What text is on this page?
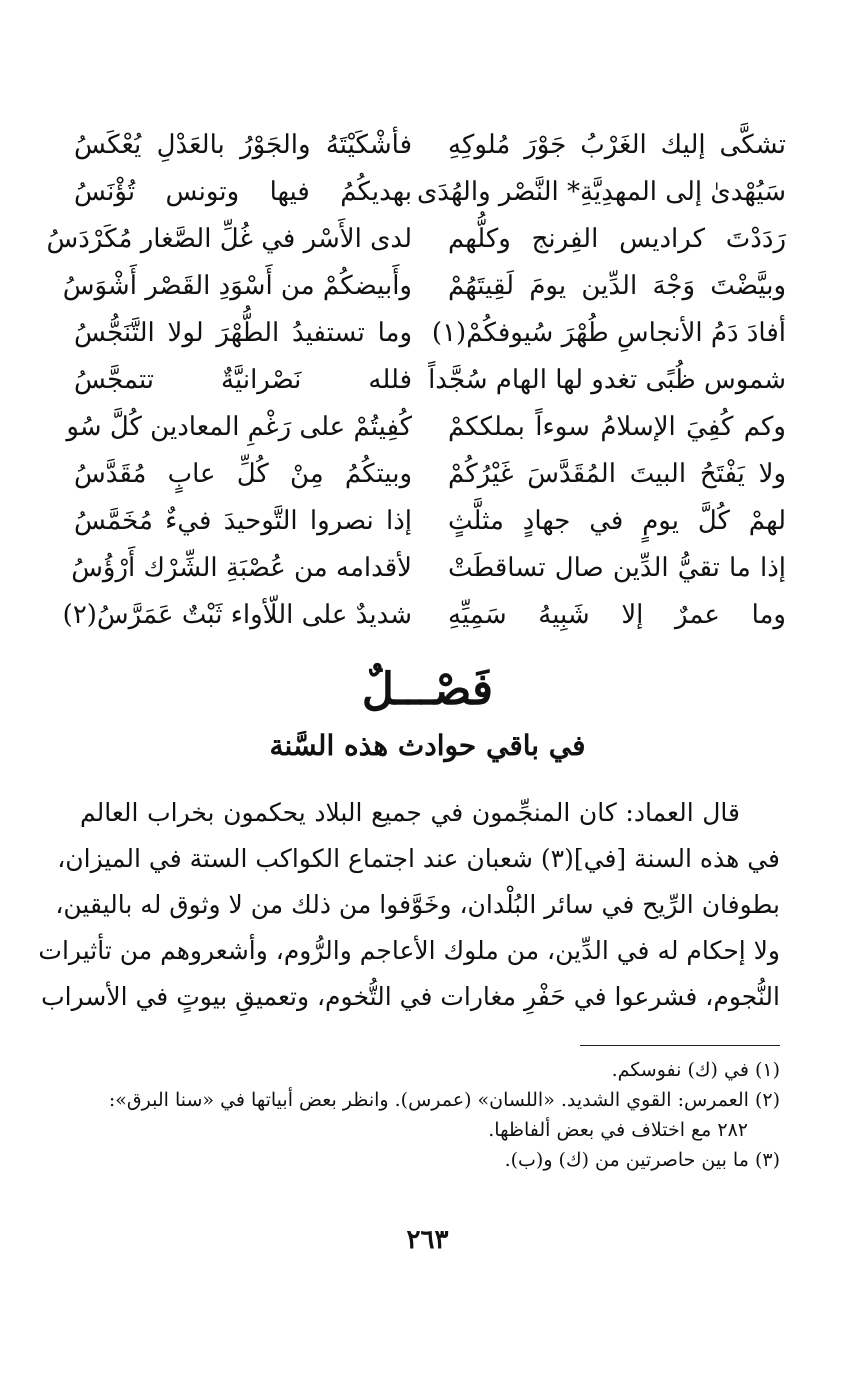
تشكَّى إليك الغَرْبُ جَوْرَ مُلوكِهِ
فأشْكَيْتَهُ والجَوْرُ بالعَدْلِ يُعْكَسُ
سَيُهْدىٰ إلى المهدِيَّةِ* النَّصْر والهُدَى
بهديكُمُ فيها وتونس تُؤْنَسُ
رَدَدْتَ كراديس الفِرنج وكلُّهم
لدى الأَسْر في غُلِّ الصَّغار مُكَرْدَسُ
وبيَّضْتَ وَجْهَ الدِّين يومَ لَقِيتَهُمْ
وأَبيضكُمْ من أَسْوَدِ القَصْر أَشْوَسُ
أفادَ دَمُ الأنجاسِ طُهْرَ سُيوفكُمْ(١)
وما تستفيدُ الطُّهْرَ لولا التَّنَجُّسُ
شموس ظُبًى تغدو لها الهام سُجَّداً
فلله نَصْرانيَّةٌ تتمجَّسُ
وكم كُفِيَ الإسلامُ سوءاً بملككمْ
كُفِيتُمْ على رَغْمِ المعادين كُلَّ سُو
ولا يَفْتَحُ البيتَ المُقَدَّسَ غَيْرُكُمْ
وبيتكُمُ مِنْ كُلِّ عابٍ مُقَدَّسُ
لهمْ كُلَّ يومٍ في جهادٍ مثلَّثٍ
إذا نصروا التَّوحيدَ فيءٌ مُخَمَّسُ
إذا ما تقيُّ الدِّين صال تساقطَتْ
لأقدامه من عُصْبَةِ الشِّرْك أَرْؤُسُ
وما عمرٌ إلا شَبِيهُ سَمِيِّهِ
شديدٌ على اللّأواء ثَبْتٌ عَمَرَّسُ(٢)
فَصْـــلٌ
في باقي حوادث هذه السَّنة
قال العماد: كان المنجِّمون في جميع البلاد يحكمون بخراب العالم
في هذه السنة [في](٣) شعبان عند اجتماع الكواكب الستة في الميزان،
بطوفان الرِّيح في سائر البُلْدان، وخَوَّفوا من ذلك من لا وثوق له باليقين،
ولا إحكام له في الدِّين، من ملوك الأعاجم والرُّوم، وأشعروهم من تأثيرات
النُّجوم، فشرعوا في حَفْرِ مغارات في التُّخوم، وتعميقِ بيوتٍ في الأسراب
(١) في (ك) نفوسكم.
(٢) العمرس: القوي الشديد. «اللسان» (عمرس). وانظر بعض أبياتها في «سنا البرق»:
٢٨٢ مع اختلاف في بعض ألفاظها.
(٣) ما بين حاصرتين من (ك) و(ب).
٢٦٣
